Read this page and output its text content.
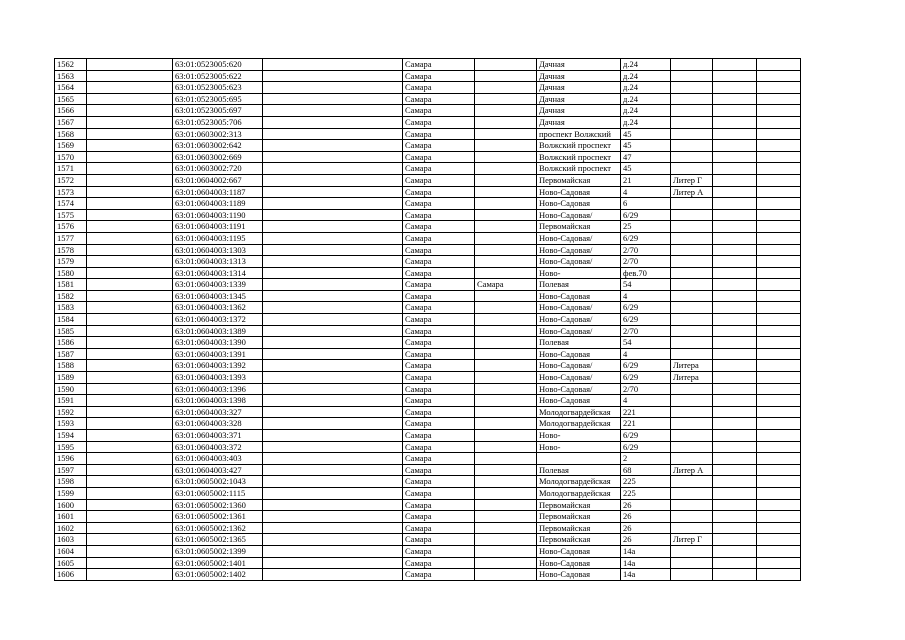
1562		63:01:0523005:620		Самара		Дачная	д.24			
1563		63:01:0523005:622		Самара		Дачная	д.24			
1564		63:01:0523005:623		Самара		Дачная	д.24			
1565		63:01:0523005:695		Самара		Дачная	д.24			
1566		63:01:0523005:697		Самара		Дачная	д.24			
1567		63:01:0523005:706		Самара		Дачная	д.24			
1568		63:01:0603002:313		Самара		проспект Волжский	45			
1569		63:01:0603002:642		Самара		Волжский проспект	45			
1570		63:01:0603002:669		Самара		Волжский проспект	47			
1571		63:01:0603002:720		Самара		Волжский проспект	45			
1572		63:01:0604002:667		Самара		Первомайская	21	Литер Г		
1573		63:01:0604003:1187		Самара		Ново-Садовая	4	Литер А		
1574		63:01:0604003:1189		Самара		Ново-Садовая	6			
1575		63:01:0604003:1190		Самара		Ново-Садовая/	6/29			
1576		63:01:0604003:1191		Самара		Первомайская	25			
1577		63:01:0604003:1195		Самара		Ново-Садовая/	6/29			
1578		63:01:0604003:1303		Самара		Ново-Садовая/	2/70			
1579		63:01:0604003:1313		Самара		Ново-Садовая/	2/70			
1580		63:01:0604003:1314		Самара		Ново-	фев.70			
1581		63:01:0604003:1339		Самара	Самара	Полевая	54			
1582		63:01:0604003:1345		Самара		Ново-Садовая	4			
1583		63:01:0604003:1362		Самара		Ново-Садовая/	6/29			
1584		63:01:0604003:1372		Самара		Ново-Садовая/	6/29			
1585		63:01:0604003:1389		Самара		Ново-Садовая/	2/70			
1586		63:01:0604003:1390		Самара		Полевая	54			
1587		63:01:0604003:1391		Самара		Ново-Садовая	4			
1588		63:01:0604003:1392		Самара		Ново-Садовая/	6/29	Литера		
1589		63:01:0604003:1393		Самара		Ново-Садовая/	6/29	Литера		
1590		63:01:0604003:1396		Самара		Ново-Садовая/	2/70			
1591		63:01:0604003:1398		Самара		Ново-Садовая	4			
1592		63:01:0604003:327		Самара		Молодогвардейская	221			
1593		63:01:0604003:328		Самара		Молодогвардейская	221			
1594		63:01:0604003:371		Самара		Ново-	6/29			
1595		63:01:0604003:372		Самара		Ново-	6/29			
1596		63:01:0604003:403		Самара			2			
1597		63:01:0604003:427		Самара		Полевая	68	Литер А		
1598		63:01:0605002:1043		Самара		Молодогвардейская	225			
1599		63:01:0605002:1115		Самара		Молодогвардейская	225			
1600		63:01:0605002:1360		Самара		Первомайская	26			
1601		63:01:0605002:1361		Самара		Первомайская	26			
1602		63:01:0605002:1362		Самара		Первомайская	26			
1603		63:01:0605002:1365		Самара		Первомайская	26	Литер Г		
1604		63:01:0605002:1399		Самара		Ново-Садовая	14а			
1605		63:01:0605002:1401		Самара		Ново-Садовая	14а			
1606		63:01:0605002:1402		Самара		Ново-Садовая	14а			
